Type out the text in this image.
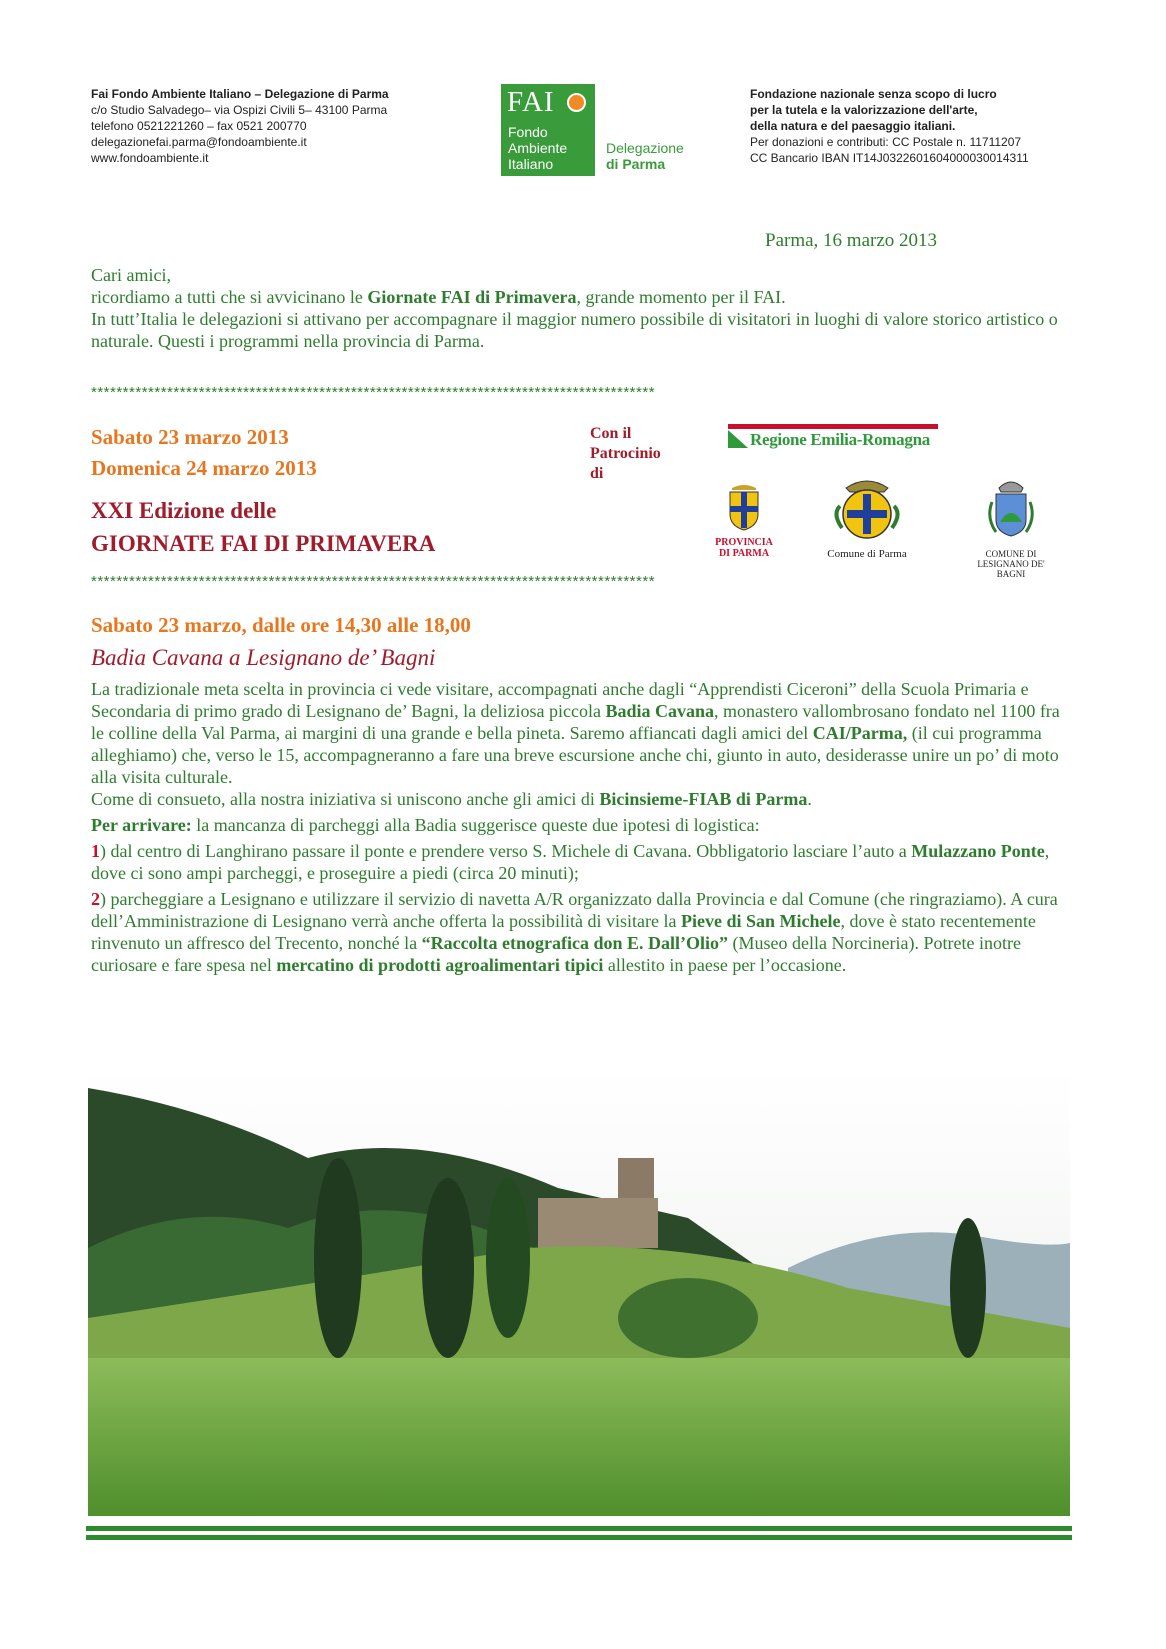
Fai Fondo Ambiente Italiano – Delegazione di Parma
c/o Studio Salvadego– via Ospizi Civili 5– 43100 Parma
telefono 0521221260 – fax 0521 200770
delegazionefai.parma@fondoambiente.it
www.fondoambiente.it
FAI
Fondo
Ambiente
Italiano
Delegazione
di Parma
Fondazione nazionale senza scopo di lucro
per la tutela e la valorizzazione dell'arte,
della natura e del paesaggio italiani.
Per donazioni e contributi: CC Postale n. 11711207
CC Bancario IBAN IT14J0322601604000030014311
Parma, 16 marzo 2013
Cari amici,
ricordiamo a tutti che si avvicinano le Giornate FAI di Primavera, grande momento per il FAI.
In tutt’Italia le delegazioni si attivano per accompagnare il maggior numero possibile di visitatori in luoghi di valore storico artistico o naturale. Questi i programmi nella provincia di Parma.
*****************************************************************************************
Sabato 23 marzo 2013
Domenica 24 marzo 2013
XXI Edizione delle
GIORNATE FAI DI PRIMAVERA
Con il
Patrocinio
di
Regione Emilia-Romagna
PROVINCIA
DI PARMA	Comune di Parma	COMUNE DI
LESIGNANO DE' BAGNI
*****************************************************************************************
Sabato 23 marzo, dalle ore 14,30 alle 18,00
Badia Cavana a Lesignano de’ Bagni

La tradizionale meta scelta in provincia ci vede visitare, accompagnati anche dagli “Apprendisti Ciceroni” della Scuola Primaria e Secondaria di primo grado di Lesignano de’ Bagni, la deliziosa piccola Badia Cavana, monastero vallombrosano fondato nel 1100 fra le colline della Val Parma, ai margini di una grande e bella pineta. Saremo affiancati dagli amici del CAI/Parma, (il cui programma alleghiamo) che, verso le 15, accompagneranno a fare una breve escursione anche chi, giunto in auto, desiderasse unire un po’ di moto alla visita culturale.
Come di consueto, alla nostra iniziativa si uniscono anche gli amici di Bicinsieme-FIAB di Parma.

Per arrivare: la mancanza di parcheggi alla Badia suggerisce queste due ipotesi di logistica:

1) dal centro di Langhirano passare il ponte e prendere verso S. Michele di Cavana. Obbligatorio lasciare l’auto a Mulazzano Ponte, dove ci sono ampi parcheggi, e proseguire a piedi (circa 20 minuti);

2) parcheggiare a Lesignano e utilizzare il servizio di navetta A/R organizzato dalla Provincia e dal Comune (che ringraziamo). A cura dell’Amministrazione di Lesignano verrà anche offerta la possibilità di visitare la Pieve di San Michele, dove è stato recentemente rinvenuto un affresco del Trecento, nonché la “Raccolta etnografica don E. Dall’Olio” (Museo della Norcineria). Potrete inotre curiosare e fare spesa nel mercatino di prodotti agroalimentari tipici allestito in paese per l’occasione.
